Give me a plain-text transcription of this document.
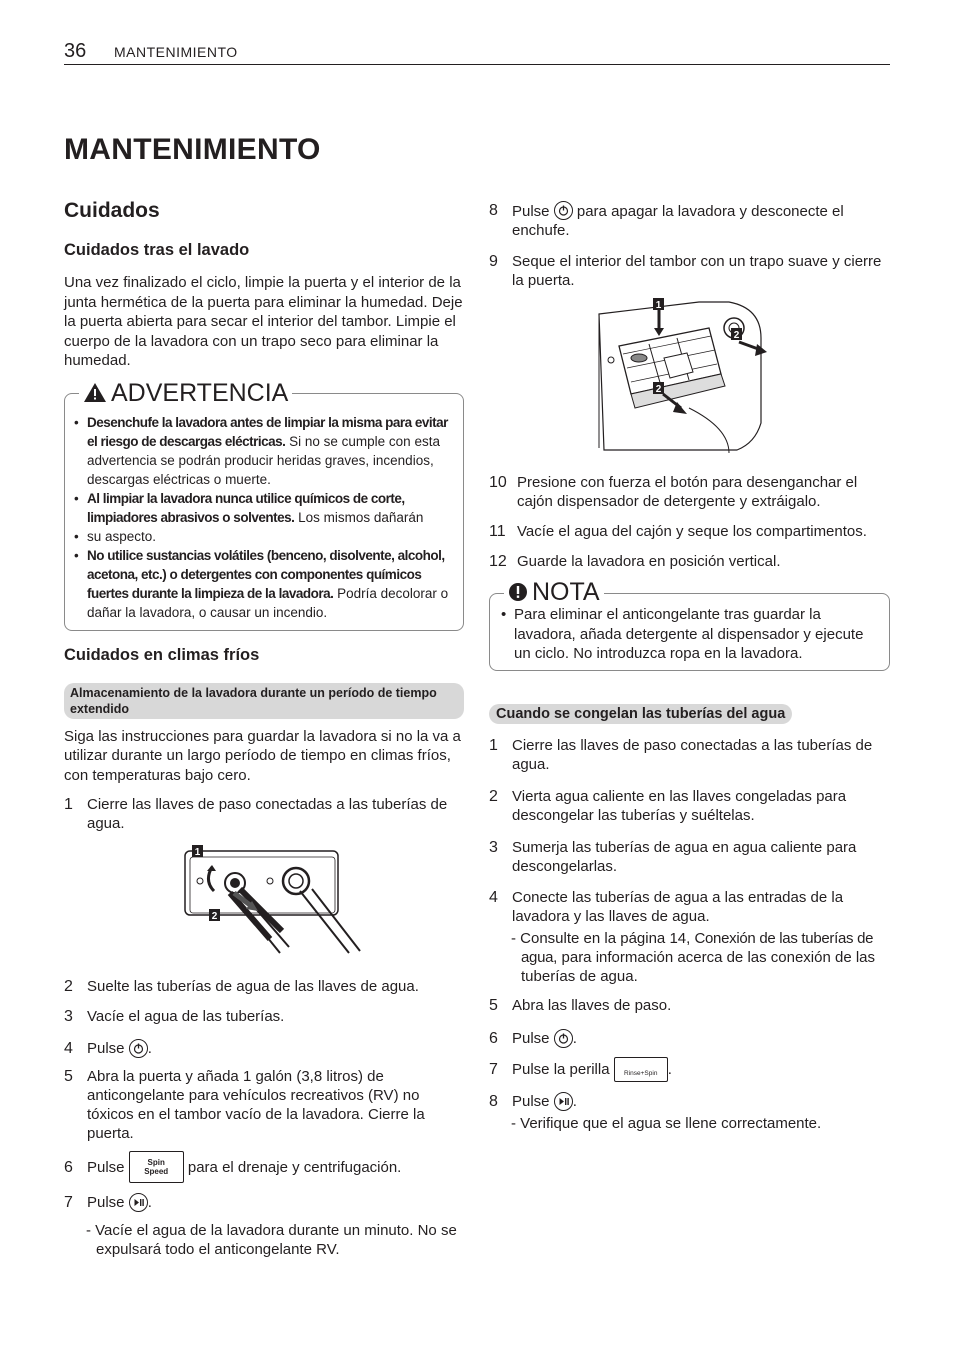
36 MANTENIMIENTO
MANTENIMIENTO
Cuidados
Cuidados tras el lavado

Una vez finalizado el ciclo, limpie la puerta y el interior de la junta hermética de la puerta para eliminar la humedad. Deje la puerta abierta para secar el interior del tambor. Limpie el cuerpo de la lavadora con un trapo seco para eliminar la humedad.

ADVERTENCIA
• Desenchufe la lavadora antes de limpiar la misma para evitar el riesgo de descargas eléctricas. Si no se cumple con esta advertencia se podrán producir heridas graves, incendios, descargas eléctricas o muerte.
• Al limpiar la lavadora nunca utilice químicos de corte, limpiadores abrasivos o solventes. Los mismos dañarán
• su aspecto.
• No utilice sustancias volátiles (benceno, disolvente, alcohol, acetona, etc.) o detergentes con componentes químicos fuertes durante la limpieza de la lavadora. Podría decolorar o dañar la lavadora, o causar un incendio.
Cuidados en climas fríos
Almacenamiento de la lavadora durante un período de tiempo extendido

Siga las instrucciones para guardar la lavadora si no la va a utilizar durante un largo período de tiempo en climas fríos, con temperaturas bajo cero.

1 Cierre las llaves de paso conectadas a las tuberías de agua.
1
2
2 Suelte las tuberías de agua de las llaves de agua.
3 Vacíe el agua de las tuberías.
4 Pulse
.
5 Abra la puerta y añada 1 galón (3,8 litros) de anticongelante para vehículos recreativos (RV) no tóxicos en el tambor vacío de la lavadora. Cierre la puerta.
6 Pulse
	Spin
Speed
	para el drenaje y centrifugación.
7 Pulse
.

- Vacíe el agua de la lavadora durante un minuto. No se expulsará todo el anticongelante RV.

8 Pulse para apagar la lavadora y desconecte el enchufe.
9 Seque el interior del tambor con un trapo suave y cierre la puerta.
1
2
2
10 Presione con fuerza el botón para desenganchar el cajón dispensador de detergente y extráigalo.
11 Vacíe el agua del cajón y seque los compartimentos.
12 Guarde la lavadora en posición vertical.
NOTA
• Para eliminar el anticongelante tras guardar la lavadora, añada detergente al dispensador y ejecute un ciclo. No introduzca ropa en la lavadora.
Cuando se congelan las tuberías del agua
1 Cierre las llaves de paso conectadas a las tuberías de agua.
2 Vierta agua caliente en las llaves congeladas para descongelar las tuberías y suéltelas.
3 Sumerja las tuberías de agua en agua caliente para descongelarlas.
4 Conecte las tuberías de agua a las entradas de la lavadora y las llaves de agua.

- Consulte en la página 14, Conexión de las tuberías de agua, para información acerca de las conexión de las tuberías de agua.

5 Abra las llaves de paso.
6 Pulse
.
7 Pulse la perilla
	Rinse+Spin .
8 Pulse
.

- Verifique que el agua se llene correctamente.
